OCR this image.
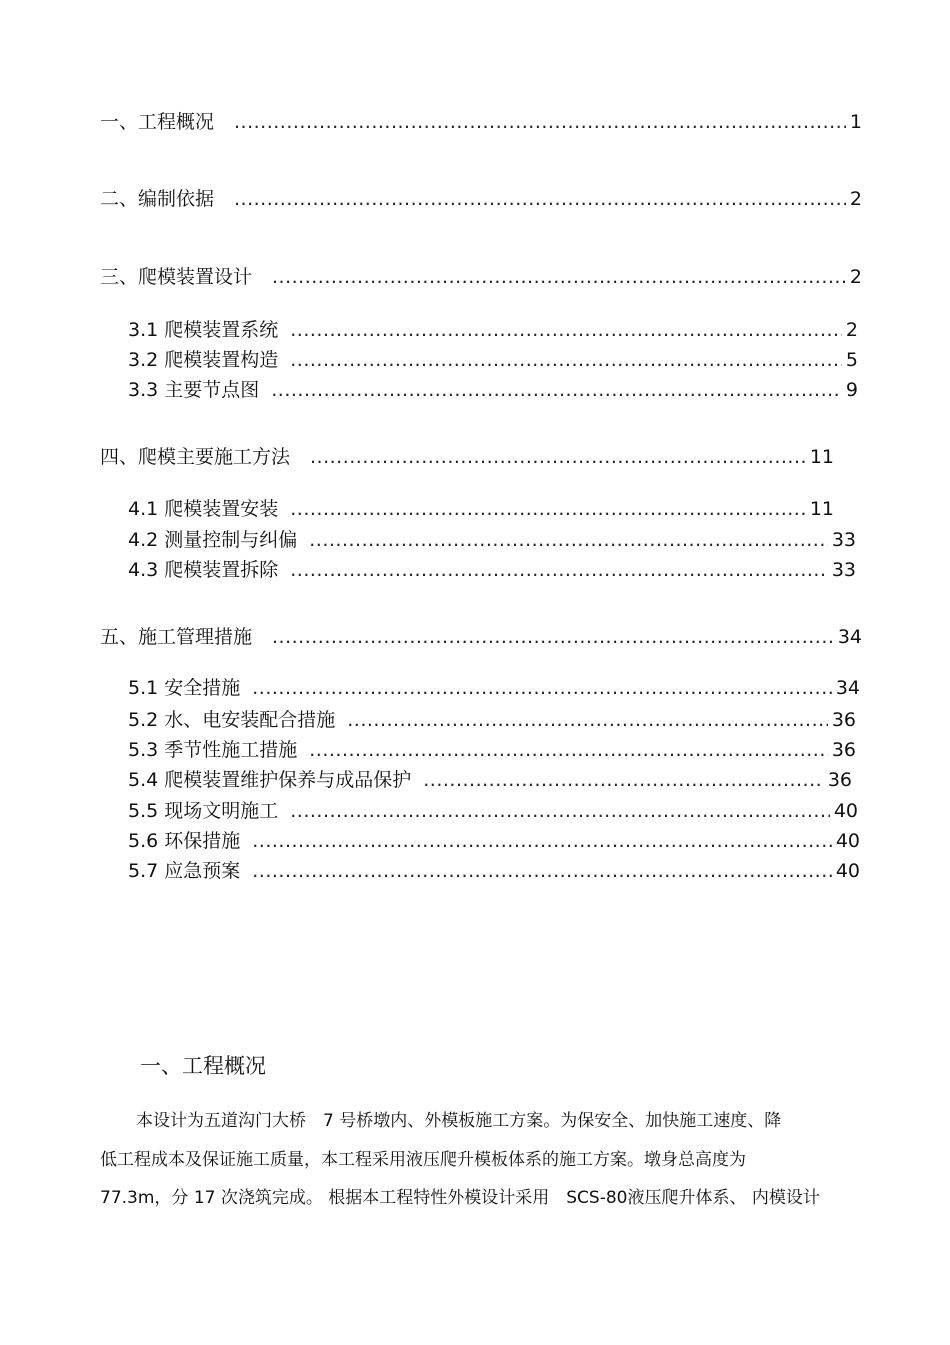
一、工程概况 .....	1
二、编制依据 .....	2
三、爬模装置设计 .....	2
3.1 爬模装置系统 .....	2
3.2 爬模装置构造 .....	5
3.3 主要节点图 .....	9
四、爬模主要施工方法 .....	11
4.1 爬模装置安装 .....	11
4.2 测量控制与纠偏 .....	33
4.3 爬模装置拆除 .....	33
五、施工管理措施 .....	34
5.1 安全措施 .....	34
5.2 水、电安装配合措施 .....	36
5.3 季节性施工措施 .....	36
5.4 爬模装置维护保养与成品保护 .....	36
5.5 现场文明施工 .....	40
5.6 环保措施 .....	40
5.7 应急预案 .....	40
一、工程概况
本设计为五道沟门大桥　7 号桥墩内、外模板施工方案。为保安全、加快施工速度、降
低工程成本及保证施工质量，本工程采用液压爬升模板体系的施工方案。墩身总高度为
77.3m，分 17 次浇筑完成。 根据本工程特性外模设计采用　SCS-80液压爬升体系、 内模设计
